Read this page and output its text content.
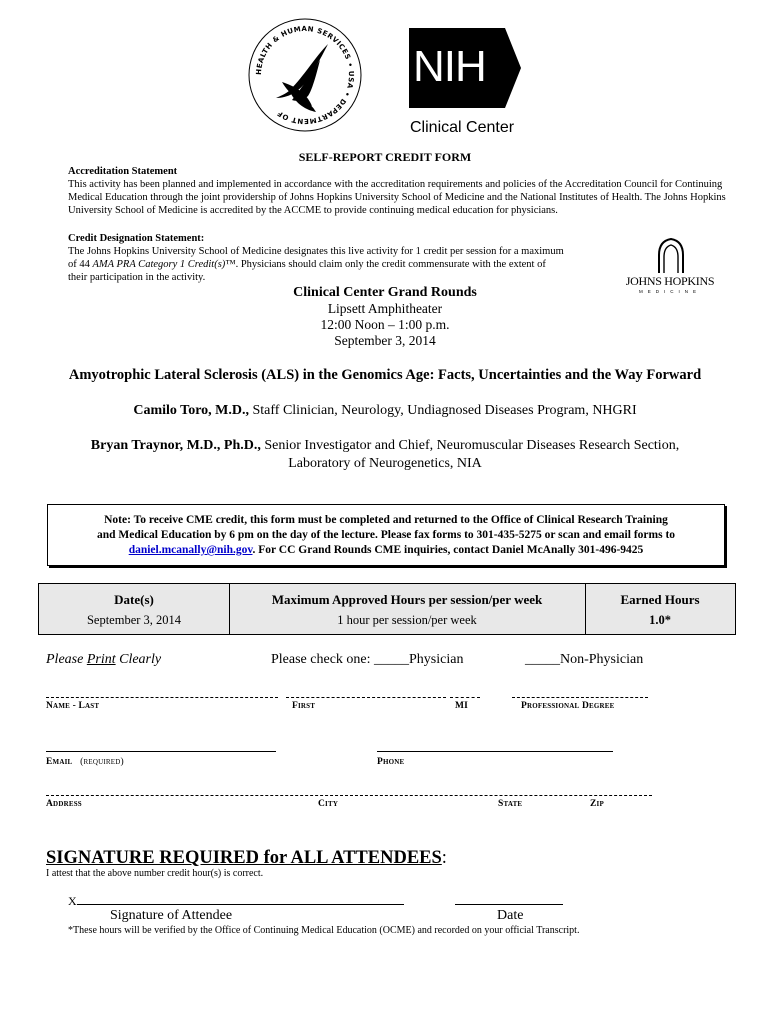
HEALTH & HUMAN SERVICES • USA • DEPARTMENT OF
NIH
Clinical Center
SELF-REPORT CREDIT FORM
Accreditation Statement
This activity has been planned and implemented in accordance with the accreditation requirements and policies of the Accreditation Council for Continuing Medical Education through the joint providership of Johns Hopkins University School of Medicine and the National Institutes of Health. The Johns Hopkins University School of Medicine is accredited by the ACCME to provide continuing medical education for physicians.
Credit Designation Statement:
The Johns Hopkins University School of Medicine designates this live activity for 1 credit per session for a maximum
of 44 AMA PRA Category 1 Credit(s)™. Physicians should claim only the credit commensurate with the extent of
their participation in the activity.	JOHNS HOPKINS
MEDICINE
Clinical Center Grand Rounds
Lipsett Amphitheater
12:00 Noon – 1:00 p.m.
September 3, 2014
Amyotrophic Lateral Sclerosis (ALS) in the Genomics Age: Facts, Uncertainties and the Way Forward
Camilo Toro, M.D., Staff Clinician, Neurology, Undiagnosed Diseases Program, NHGRI
Bryan Traynor, M.D., Ph.D., Senior Investigator and Chief, Neuromuscular Diseases Research Section,
Laboratory of Neurogenetics, NIA
Note: To receive CME credit, this form must be completed and returned to the Office of Clinical Research Training
and Medical Education by 6 pm on the day of the lecture. Please fax forms to 301-435-5275 or scan and email forms to
daniel.mcanally@nih.gov. For CC Grand Rounds CME inquiries, contact Daniel McAnally 301-496-9425
Date(s)	Maximum Approved Hours per session/per week	Earned Hours
September 3, 2014	1 hour per session/per week	1.0*
Please Print Clearly	Please check one: _____Physician	_____Non-Physician
Name - Last	First	MI	Professional Degree
Email (required)	Phone
Address	City	State	Zip
SIGNATURE REQUIRED for ALL ATTENDEES:
I attest that the above number credit hour(s) is correct.
X
Signature of Attendee	Date
*These hours will be verified by the Office of Continuing Medical Education (OCME) and recorded on your official Transcript.
